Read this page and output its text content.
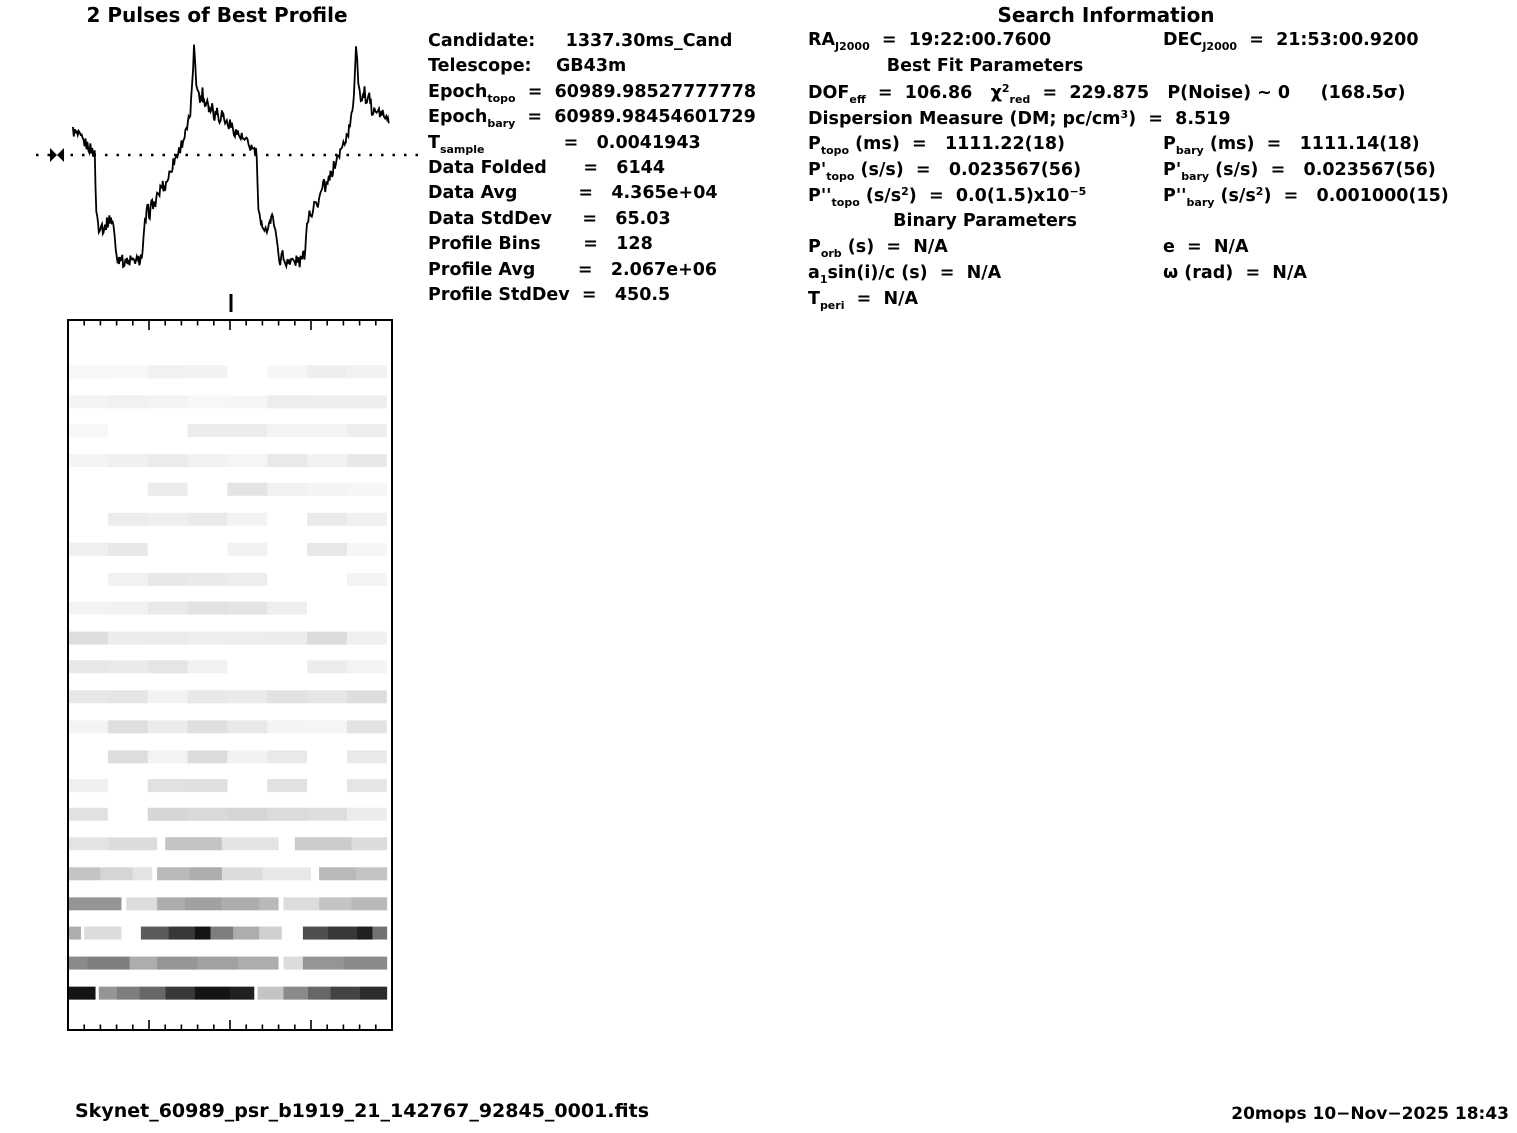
2 Pulses of Best Profile	Search Information
Candidate:     1337.30ms_Cand
Telescope:    GB43m
Epoch$_{topo}$  =  60989.98527777778
Epoch$_{bary}$  =  60989.98454601729
$T_{sample}$             =   0.0041943
Data Folded      =   6144
Data Avg          =   4.365e+04
Data StdDev     =   65.03
Profile Bins       =   128
Profile Avg       =   2.067e+06
Profile StdDev  =   450.5
$RA_{J2000}$  =  19:22:00.7600	$DEC_{J2000}$  =  21:53:00.9200
Best Fit Parameters
$DOF_{eff} = 106.86$   $\chi^2_{red} = 229.875$   P(Noise) ~ 0     (168.5σ)
Dispersion Measure (DM; $pc/cm^3) = 8.519$
$P_{topo}$ (ms)  =   1111.22(18)	$P_{bary}$ (ms)  =   1111.14(18)
$P'_{topo}$ (s/s)  =   0.023567(56)	$P'_{bary}$ (s/s)  =   0.023567(56)
$P''_{topo}$ $(s/s^2) = 0.0(1.5)x10^{-5}$	$P''_{bary}$ $(s/s^2) = 0.001000(15)$
Binary Parameters
$P_{orb}$ (s)  =  N/A	e  =  N/A
$a_1\sin(i)/c$ (s)  =  N/A	ω (rad)  =  N/A
$T_{peri} = N/A$
Skynet_60989_psr_b1919_21_142767_92845_0001.fits	20mops 10−Nov−2025 18:43
